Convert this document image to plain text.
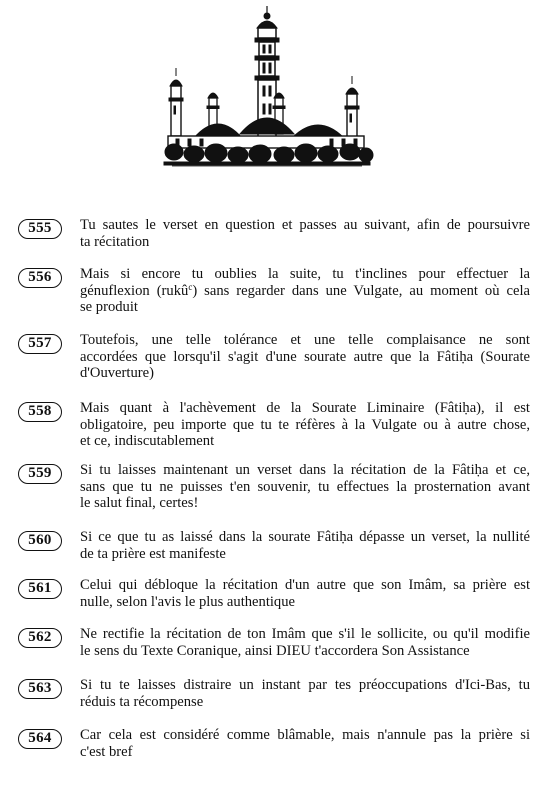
555	Tu sautes le verset en question et passes au suivant, afin de poursuivre
ta récitation
556	Mais si encore tu oublies la suite, tu t'inclines pour effectuer la
génuflexion (rukû$^c$) sans regarder dans une Vulgate, au moment où cela
se produit
557	Toutefois, une telle tolérance et une telle complaisance ne sont
accordées que lorsqu'il s'agit d'une sourate autre que la Fâtiḥa (Sourate
d'Ouverture)
558	Mais quant à l'achèvement de la Sourate Liminaire (Fâtiḥa), il est
obligatoire, peu importe que tu te réfères à la Vulgate ou à autre chose,
et ce, indiscutablement
559	Si tu laisses maintenant un verset dans la récitation de la Fâtiḥa et ce,
sans que tu ne puisses t'en souvenir, tu effectues la prosternation avant
le salut final, certes!
560	Si ce que tu as laissé dans la sourate Fâtiḥa dépasse un verset, la nullité
de ta prière est manifeste
561	Celui qui débloque la récitation d'un autre que son Imâm, sa prière est
nulle, selon l'avis le plus authentique
562	Ne rectifie la récitation de ton Imâm que s'il le sollicite, ou qu'il modifie
le sens du Texte Coranique, ainsi DIEU t'accordera Son Assistance
563	Si tu te laisses distraire un instant par tes préoccupations d'Ici-Bas, tu
réduis ta récompense
564	Car cela est considéré comme blâmable, mais n'annule pas la prière si
c'est bref
